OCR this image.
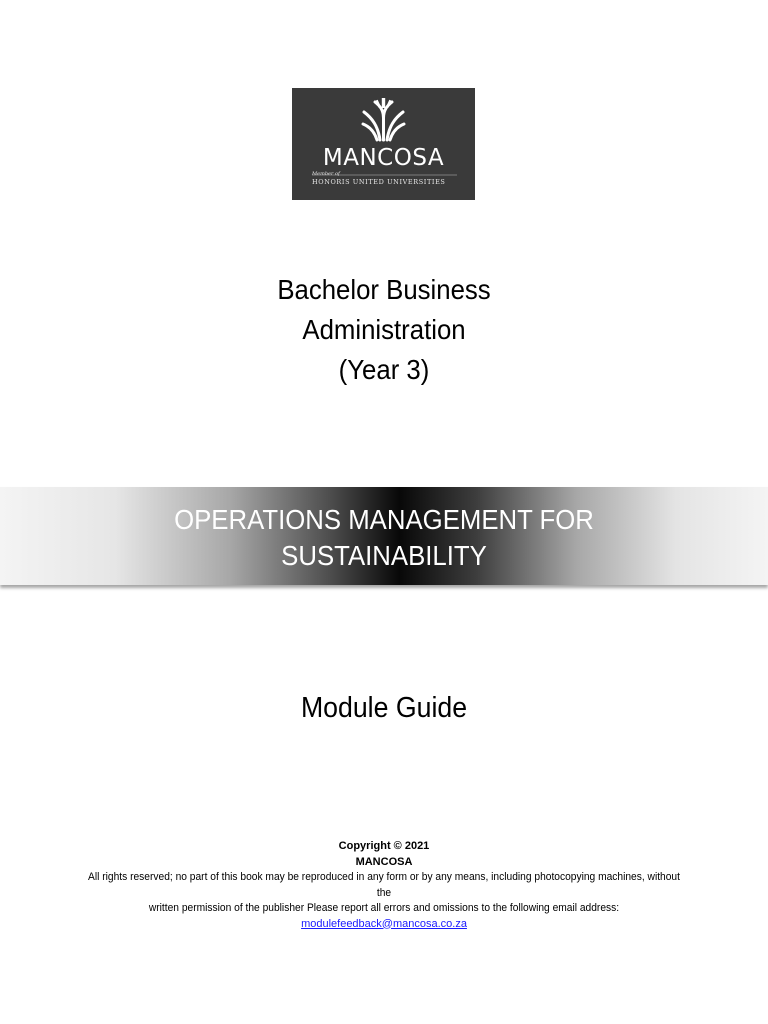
MANCOSA
Member of
HONORIS UNITED UNIVERSITIES
Bachelor Business
Administration
(Year 3)
OPERATIONS MANAGEMENT FOR
SUSTAINABILITY
Module Guide
Copyright © 2021
MANCOSA
All rights reserved; no part of this book may be reproduced in any form or by any means, including photocopying machines, without the
written permission of the publisher Please report all errors and omissions to the following email address:
modulefeedback@mancosa.co.za
